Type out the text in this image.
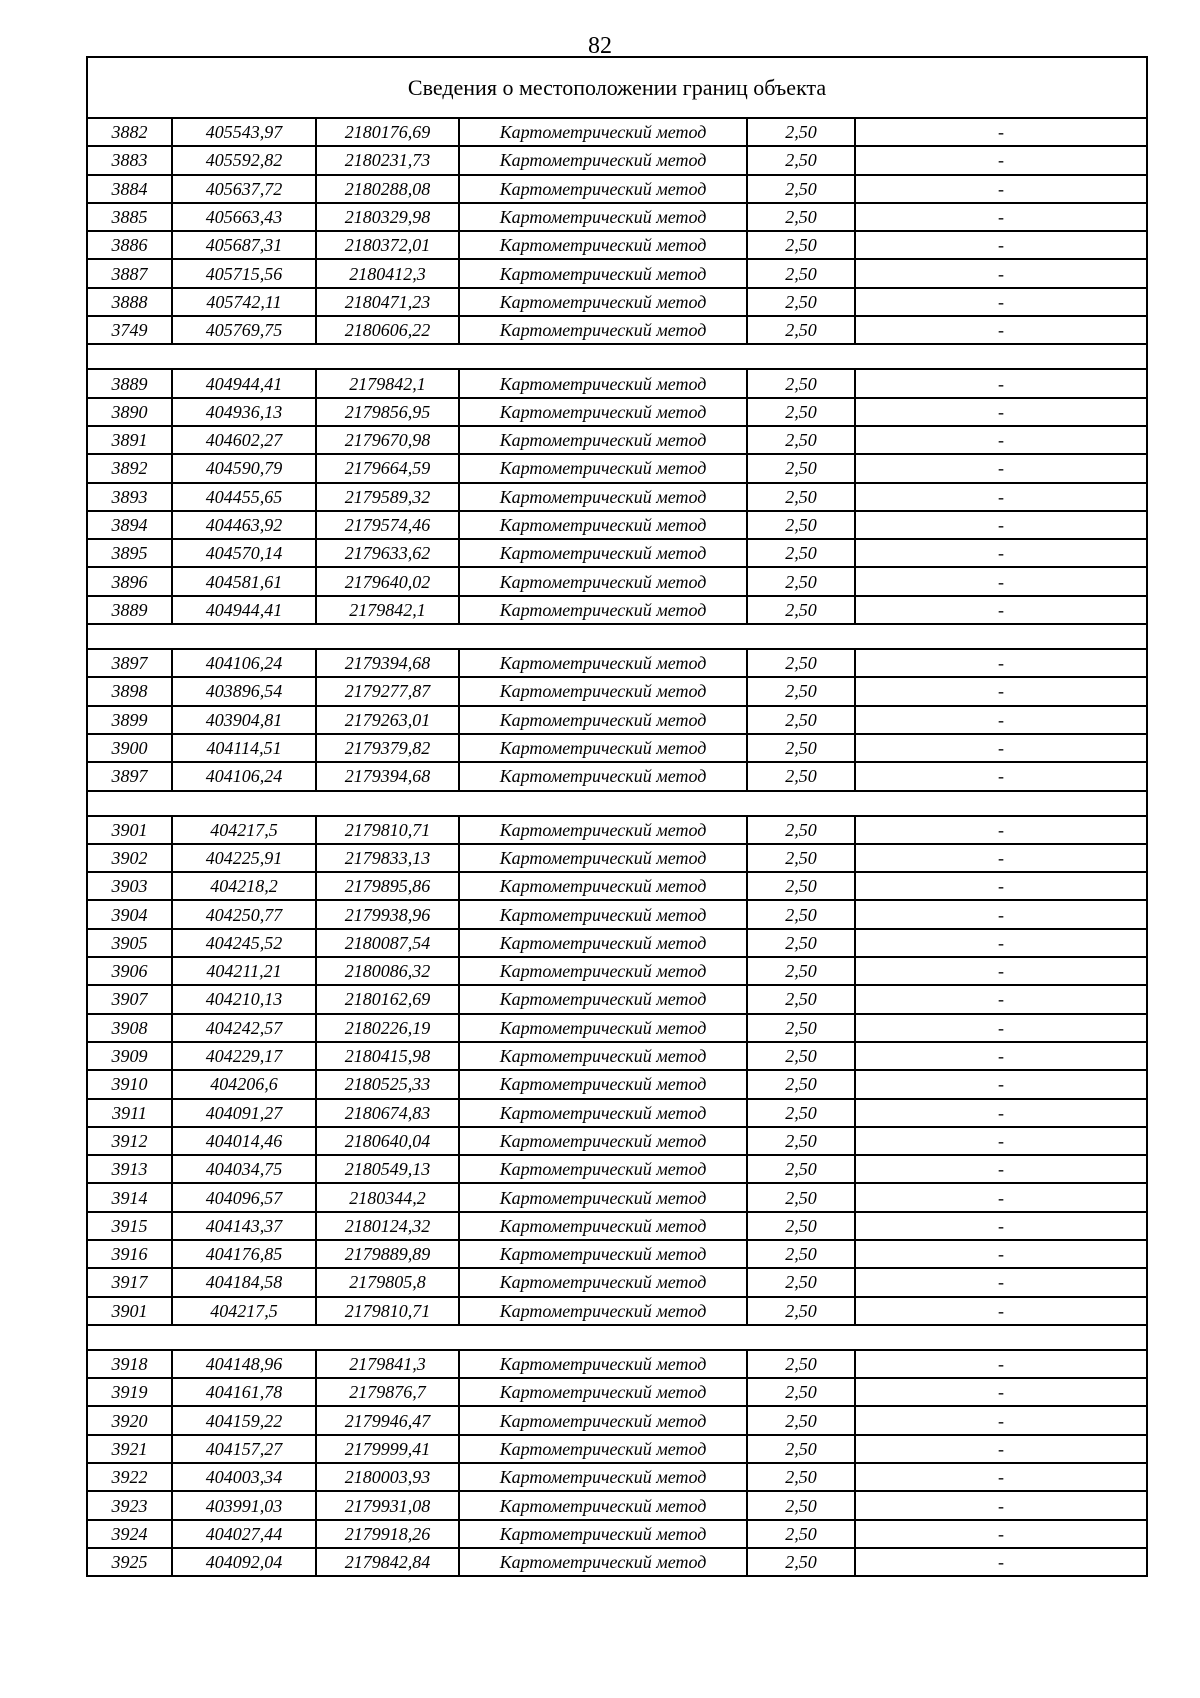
82
Сведения о местоположении границ объекта					
3882	405543,97	2180176,69	Картометрический метод	2,50	-
3883	405592,82	2180231,73	Картометрический метод	2,50	-
3884	405637,72	2180288,08	Картометрический метод	2,50	-
3885	405663,43	2180329,98	Картометрический метод	2,50	-
3886	405687,31	2180372,01	Картометрический метод	2,50	-
3887	405715,56	2180412,3	Картометрический метод	2,50	-
3888	405742,11	2180471,23	Картометрический метод	2,50	-
3749	405769,75	2180606,22	Картометрический метод	2,50	-

3889	404944,41	2179842,1	Картометрический метод	2,50	-
3890	404936,13	2179856,95	Картометрический метод	2,50	-
3891	404602,27	2179670,98	Картометрический метод	2,50	-
3892	404590,79	2179664,59	Картометрический метод	2,50	-
3893	404455,65	2179589,32	Картометрический метод	2,50	-
3894	404463,92	2179574,46	Картометрический метод	2,50	-
3895	404570,14	2179633,62	Картометрический метод	2,50	-
3896	404581,61	2179640,02	Картометрический метод	2,50	-
3889	404944,41	2179842,1	Картометрический метод	2,50	-

3897	404106,24	2179394,68	Картометрический метод	2,50	-
3898	403896,54	2179277,87	Картометрический метод	2,50	-
3899	403904,81	2179263,01	Картометрический метод	2,50	-
3900	404114,51	2179379,82	Картометрический метод	2,50	-
3897	404106,24	2179394,68	Картометрический метод	2,50	-

3901	404217,5	2179810,71	Картометрический метод	2,50	-
3902	404225,91	2179833,13	Картометрический метод	2,50	-
3903	404218,2	2179895,86	Картометрический метод	2,50	-
3904	404250,77	2179938,96	Картометрический метод	2,50	-
3905	404245,52	2180087,54	Картометрический метод	2,50	-
3906	404211,21	2180086,32	Картометрический метод	2,50	-
3907	404210,13	2180162,69	Картометрический метод	2,50	-
3908	404242,57	2180226,19	Картометрический метод	2,50	-
3909	404229,17	2180415,98	Картометрический метод	2,50	-
3910	404206,6	2180525,33	Картометрический метод	2,50	-
3911	404091,27	2180674,83	Картометрический метод	2,50	-
3912	404014,46	2180640,04	Картометрический метод	2,50	-
3913	404034,75	2180549,13	Картометрический метод	2,50	-
3914	404096,57	2180344,2	Картометрический метод	2,50	-
3915	404143,37	2180124,32	Картометрический метод	2,50	-
3916	404176,85	2179889,89	Картометрический метод	2,50	-
3917	404184,58	2179805,8	Картометрический метод	2,50	-
3901	404217,5	2179810,71	Картометрический метод	2,50	-

3918	404148,96	2179841,3	Картометрический метод	2,50	-
3919	404161,78	2179876,7	Картометрический метод	2,50	-
3920	404159,22	2179946,47	Картометрический метод	2,50	-
3921	404157,27	2179999,41	Картометрический метод	2,50	-
3922	404003,34	2180003,93	Картометрический метод	2,50	-
3923	403991,03	2179931,08	Картометрический метод	2,50	-
3924	404027,44	2179918,26	Картометрический метод	2,50	-
3925	404092,04	2179842,84	Картометрический метод	2,50	-
